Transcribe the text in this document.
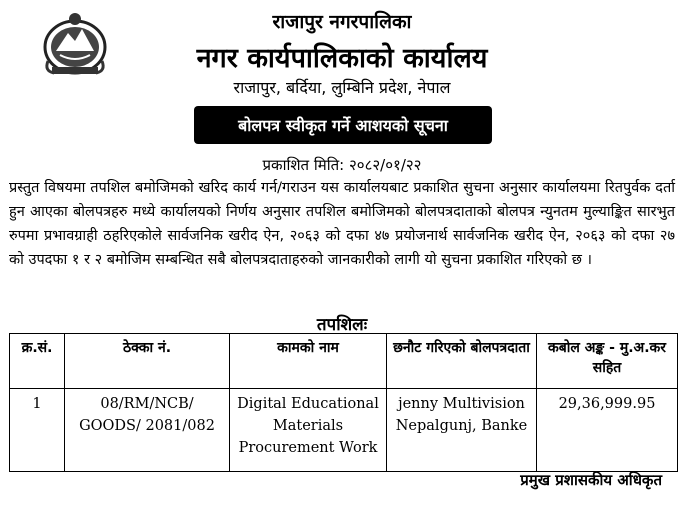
राजापुर नगरपालिका
नगर कार्यपालिकाको कार्यालय
राजापुर, बर्दिया, लुम्बिनि प्रदेश, नेपाल
बोलपत्र स्वीकृत गर्ने आशयको सूचना
प्रकाशित मिति: २०८२/०१/२२

प्रस्तुत विषयमा तपशिल बमोजिमको खरिद कार्य गर्न/गराउन यस कार्यालयबाट प्रकाशित सुचना अनुसार कार्यालयमा रितपुर्वक दर्ता हुन आएका बोलपत्रहरु मध्ये कार्यालयको निर्णय अनुसार तपशिल बमोजिमको बोलपत्रदाताको बोलपत्र न्युनतम मुल्याङ्कित सारभुत रुपमा प्रभावग्राही ठहरिएकोले सार्वजनिक खरीद ऐन, २०६३ को दफा ४७ प्रयोजनार्थ सार्वजनिक खरीद ऐन, २०६३ को दफा २७ को उपदफा १ र २ बमोजिम सम्बन्धित सबै बोलपत्रदाताहरुको जानकारीको लागी यो सुचना प्रकाशित गरिएको छ ।
तपशिलः
क्र.सं.	ठेक्का नं.	कामको नाम	छनौट गरिएको बोलपत्रदाता	कबोल अङ्क - मु.अ.कर सहित
1	08/RM/NCB/ GOODS/ 2081/082	Digital Educational Materials Procurement Work	jenny Multivision Nepalgunj, Banke	29,36,999.95
प्रमुख प्रशासकीय अधिकृत
